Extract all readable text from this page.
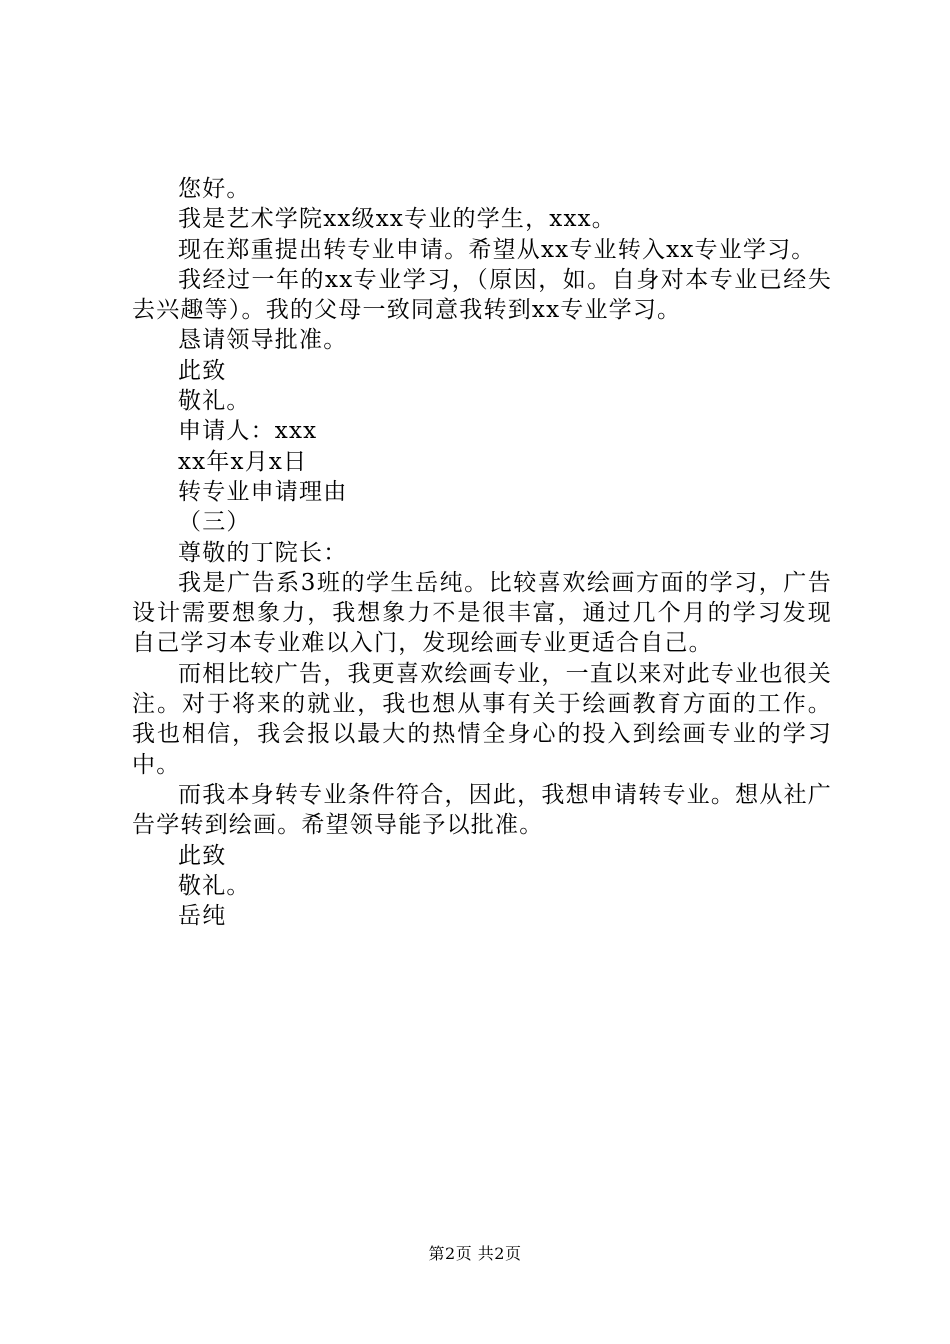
您好。

我是艺术学院xx级xx专业的学生，xxx。

现在郑重提出转专业申请。希望从xx专业转入xx专业学习。

我经过一年的xx专业学习，（原因，如。自身对本专业已经失去兴趣等）。我的父母一致同意我转到xx专业学习。

恳请领导批准。

此致

敬礼。

申请人：xxx

xx年x月x日

转专业申请理由

（三）

尊敬的丁院长：

我是广告系3班的学生岳纯。比较喜欢绘画方面的学习，广告设计需要想象力，我想象力不是很丰富，通过几个月的学习发现自己学习本专业难以入门，发现绘画专业更适合自己。

而相比较广告，我更喜欢绘画专业，一直以来对此专业也很关注。对于将来的就业，我也想从事有关于绘画教育方面的工作。我也相信，我会报以最大的热情全身心的投入到绘画专业的学习中。

而我本身转专业条件符合，因此，我想申请转专业。想从社广告学转到绘画。希望领导能予以批准。

此致

敬礼。

岳纯

第2页 共2页
